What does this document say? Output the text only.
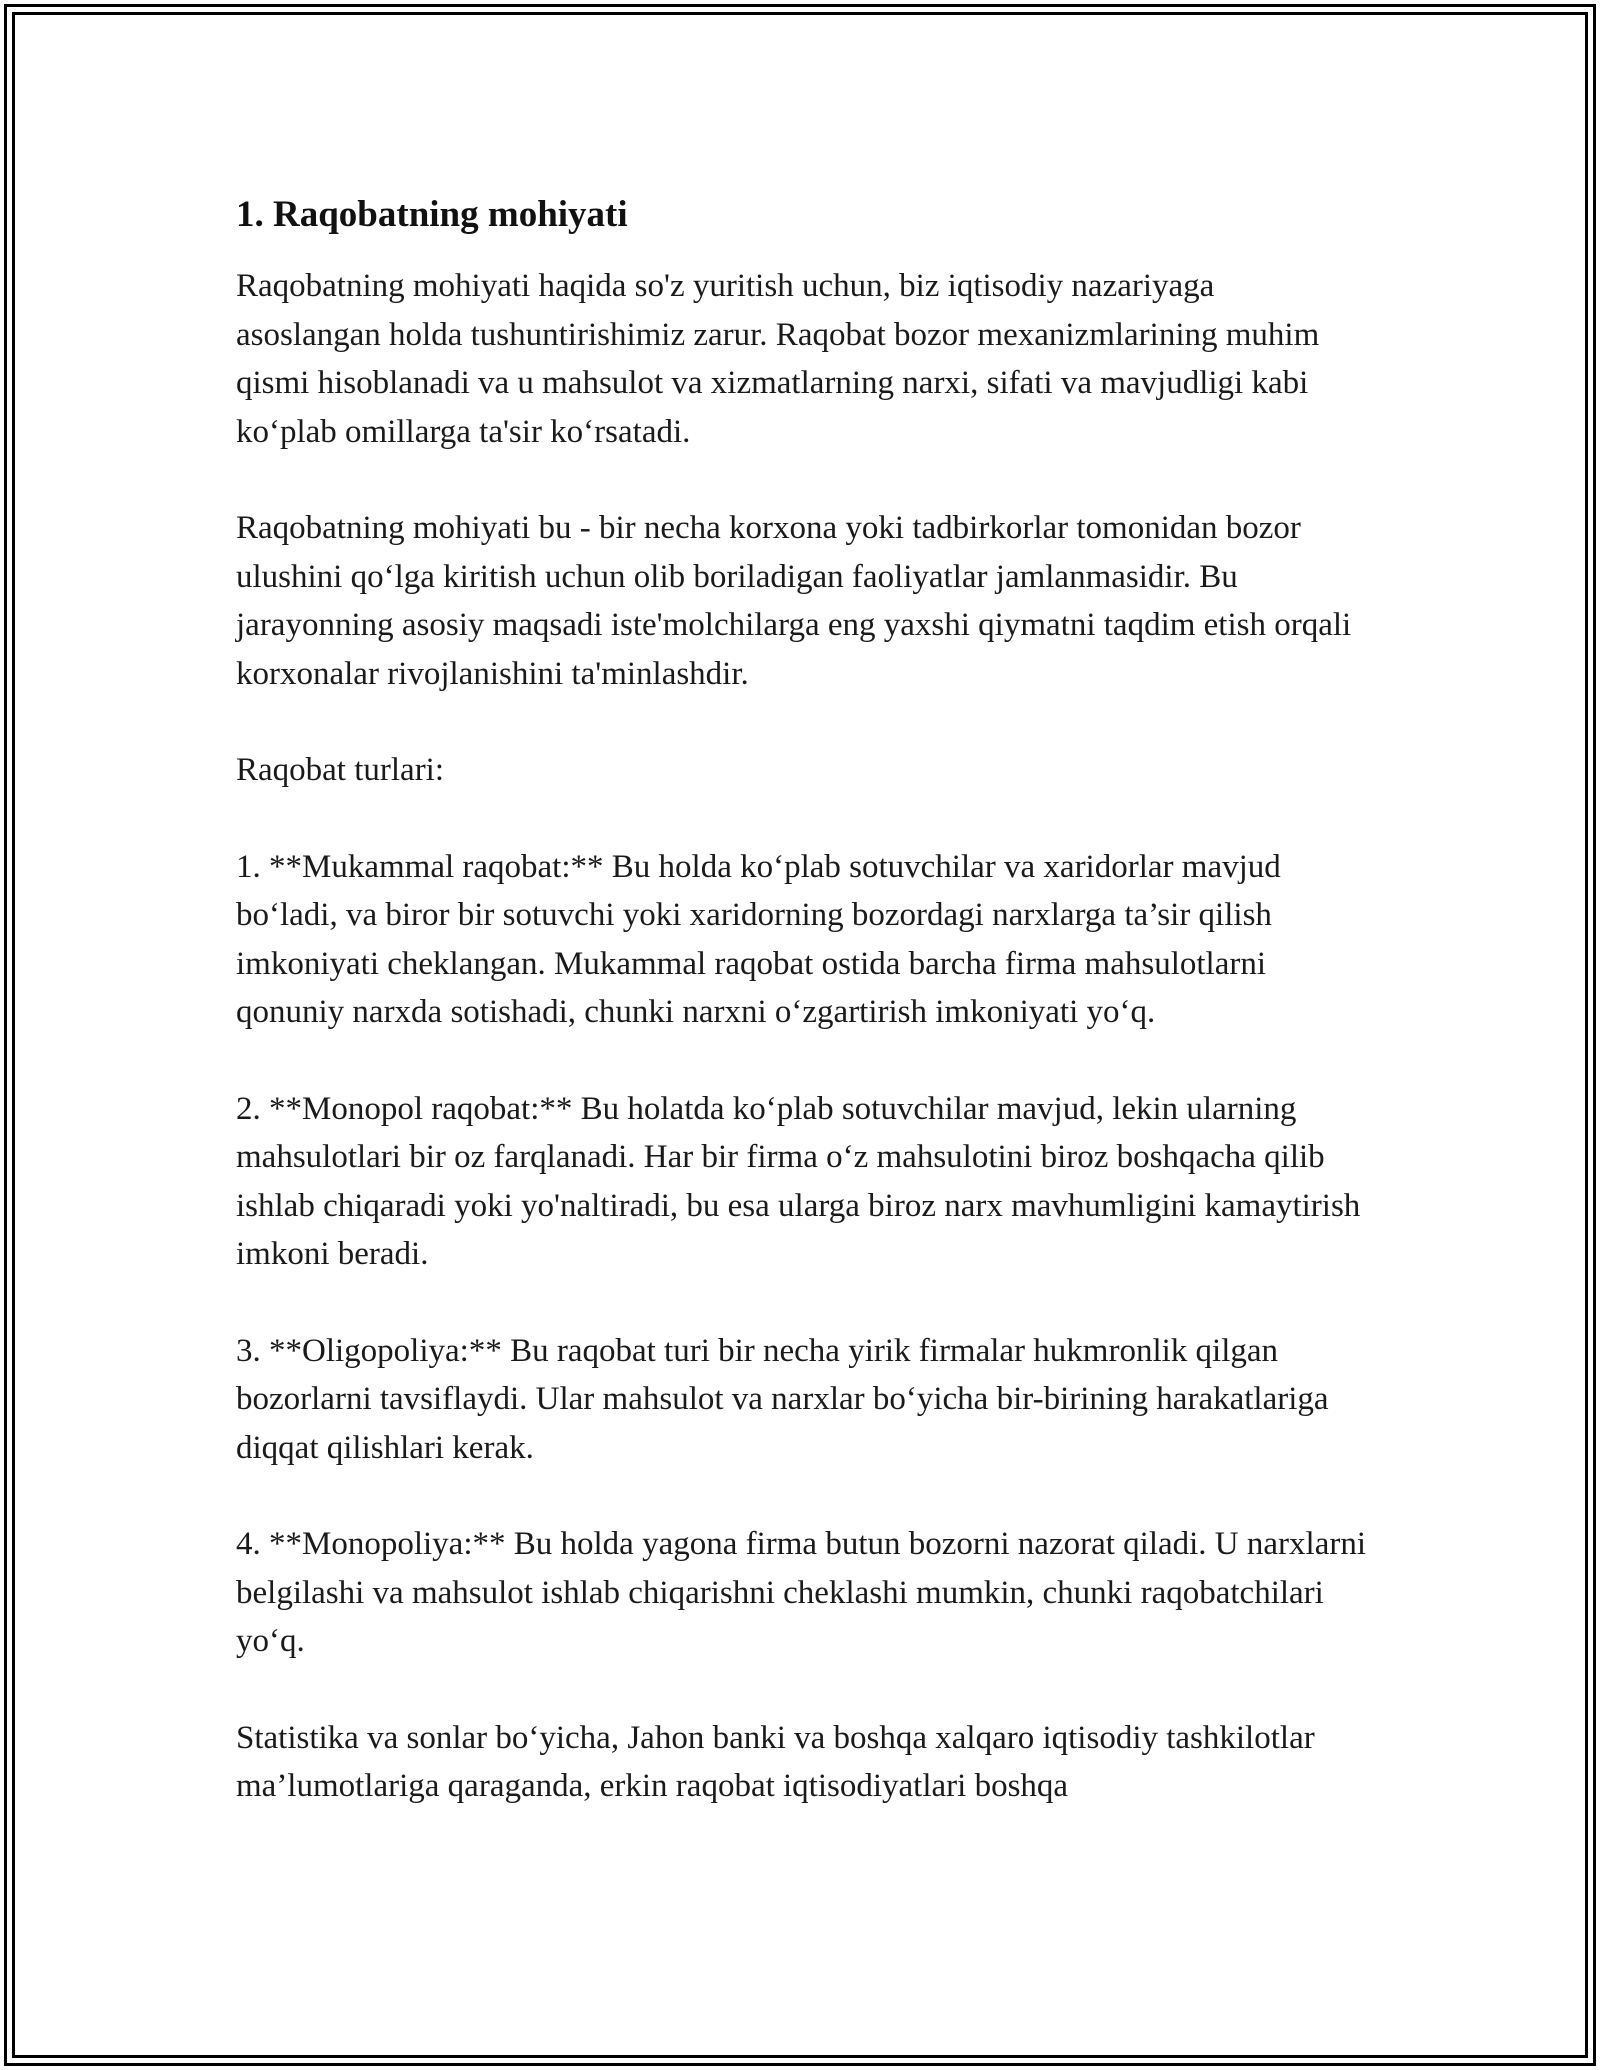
1. Raqobatning mohiyati

Raqobatning mohiyati haqida so'z yuritish uchun, biz iqtisodiy nazariyaga asoslangan holda tushuntirishimiz zarur. Raqobat bozor mexanizmlarining muhim qismi hisoblanadi va u mahsulot va xizmatlarning narxi, sifati va mavjudligi kabi ko‘plab omillarga ta'sir ko‘rsatadi.

Raqobatning mohiyati bu - bir necha korxona yoki tadbirkorlar tomonidan bozor ulushini qo‘lga kiritish uchun olib boriladigan faoliyatlar jamlanmasidir. Bu jarayonning asosiy maqsadi iste'molchilarga eng yaxshi qiymatni taqdim etish orqali korxonalar rivojlanishini ta'minlashdir.

Raqobat turlari:

1. **Mukammal raqobat:** Bu holda ko‘plab sotuvchilar va xaridorlar mavjud bo‘ladi, va biror bir sotuvchi yoki xaridorning bozordagi narxlarga ta’sir qilish imkoniyati cheklangan. Mukammal raqobat ostida barcha firma mahsulotlarni qonuniy narxda sotishadi, chunki narxni o‘zgartirish imkoniyati yo‘q.

2. **Monopol raqobat:** Bu holatda ko‘plab sotuvchilar mavjud, lekin ularning mahsulotlari bir oz farqlanadi. Har bir firma o‘z mahsulotini biroz boshqacha qilib ishlab chiqaradi yoki yo'naltiradi, bu esa ularga biroz narx mavhumligini kamaytirish imkoni beradi.

3. **Oligopoliya:** Bu raqobat turi bir necha yirik firmalar hukmronlik qilgan bozorlarni tavsiflaydi. Ular mahsulot va narxlar bo‘yicha bir-birining harakatlariga diqqat qilishlari kerak.

4. **Monopoliya:** Bu holda yagona firma butun bozorni nazorat qiladi. U narxlarni belgilashi va mahsulot ishlab chiqarishni cheklashi mumkin, chunki raqobatchilari yo‘q.

Statistika va sonlar bo‘yicha, Jahon banki va boshqa xalqaro iqtisodiy tashkilotlar ma’lumotlariga qaraganda, erkin raqobat iqtisodiyatlari boshqa
